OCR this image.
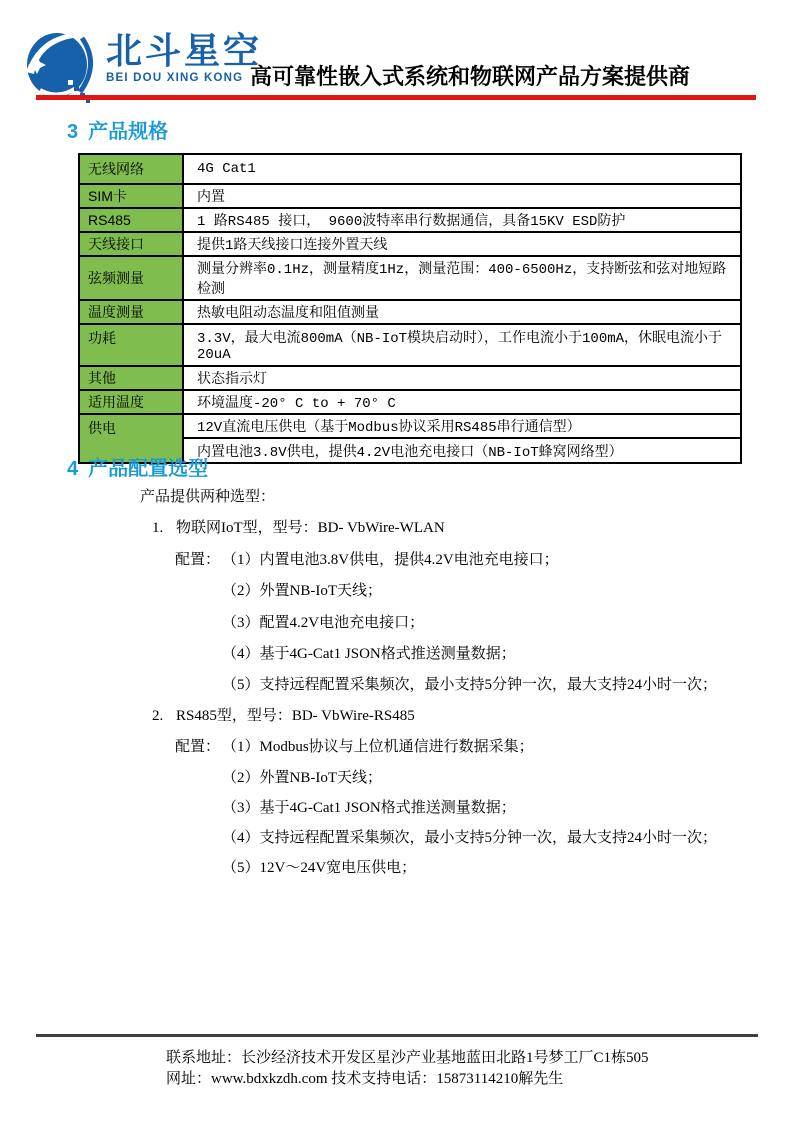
北斗星空
BEI DOU XING KONG 高可靠性嵌入式系统和物联网产品方案提供商
3 产品规格
无线网络	4G Cat1
SIM卡	内置
RS485	1 路RS485 接口， 9600波特率串行数据通信，具备15KV ESD防护
天线接口	提供1路天线接口连接外置天线
弦频测量	测量分辨率0.1Hz，测量精度1Hz，测量范围：400-6500Hz，支持断弦和弦对地短路检测
温度测量	热敏电阻动态温度和阻值测量
功耗	3.3V，最大电流800mA（NB-IoT模块启动时），工作电流小于100mA，休眠电流小于20uA
其他	状态指示灯
适用温度	环境温度-20° C to + 70° C
供电	12V直流电压供电（基于Modbus协议采用RS485串行通信型）
	内置电池3.8V供电，提供4.2V电池充电接口（NB-IoT蜂窝网络型）
4 产品配置选型
产品提供两种选型：
1. 物联网IoT型，型号：BD- VbWire-WLAN
配置： （1）内置电池3.8V供电，提供4.2V电池充电接口；
（2）外置NB-IoT天线；
（3）配置4.2V电池充电接口；
（4）基于4G-Cat1 JSON格式推送测量数据；
（5）支持远程配置采集频次，最小支持5分钟一次，最大支持24小时一次；
2. RS485型，型号：BD- VbWire-RS485
配置： （1）Modbus协议与上位机通信进行数据采集；
（2）外置NB-IoT天线；
（3）基于4G-Cat1 JSON格式推送测量数据；
（4）支持远程配置采集频次，最小支持5分钟一次，最大支持24小时一次；
（5）12V～24V宽电压供电；
联系地址：长沙经济技术开发区星沙产业基地蓝田北路1号梦工厂C1栋505
网址：www.bdxkzdh.com 技术支持电话：15873114210解先生
